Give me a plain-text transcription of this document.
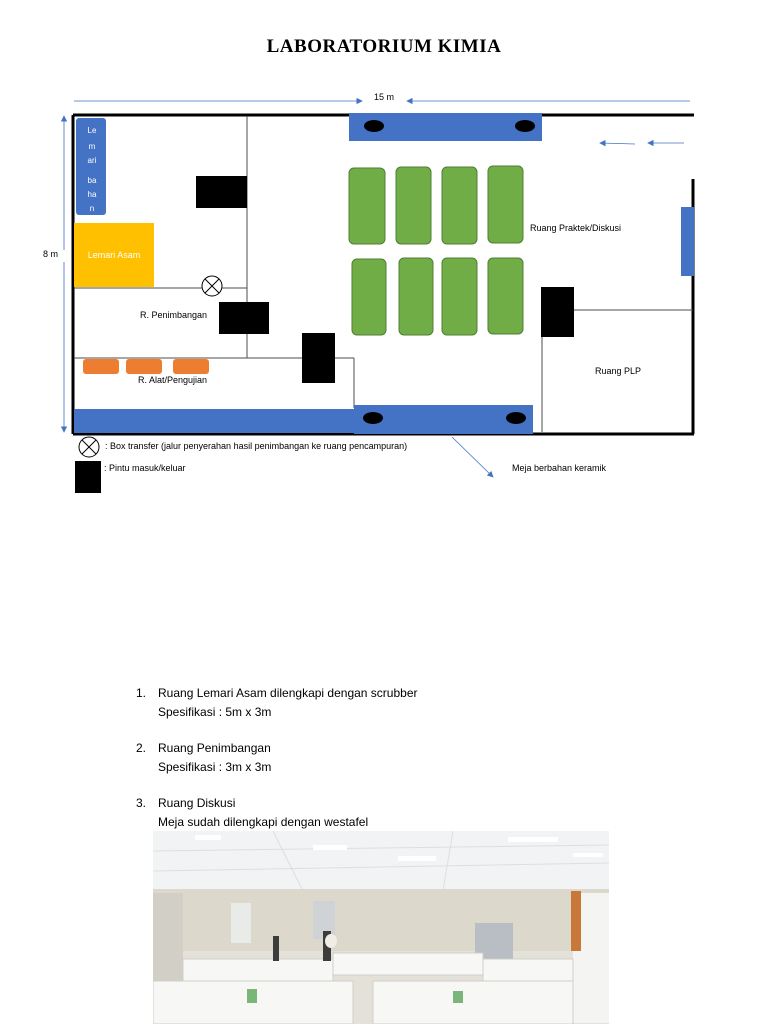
LABORATORIUM KIMIA
15 m
8 m
Le
m
ari
ba
ha
n
Lemari Asam
R. Penimbangan
R. Alat/Pengujian
Ruang Praktek/Diskusi
Ruang PLP
: Box transfer (jalur penyerahan hasil penimbangan ke ruang pencampuran)
: Pintu masuk/keluar	Meja berbahan keramik
1. Ruang Lemari Asam dilengkapi dengan scrubber
Spesifikasi : 5m x 3m
2. Ruang Penimbangan
Spesifikasi : 3m x 3m
3. Ruang Diskusi
Meja sudah dilengkapi dengan westafel
